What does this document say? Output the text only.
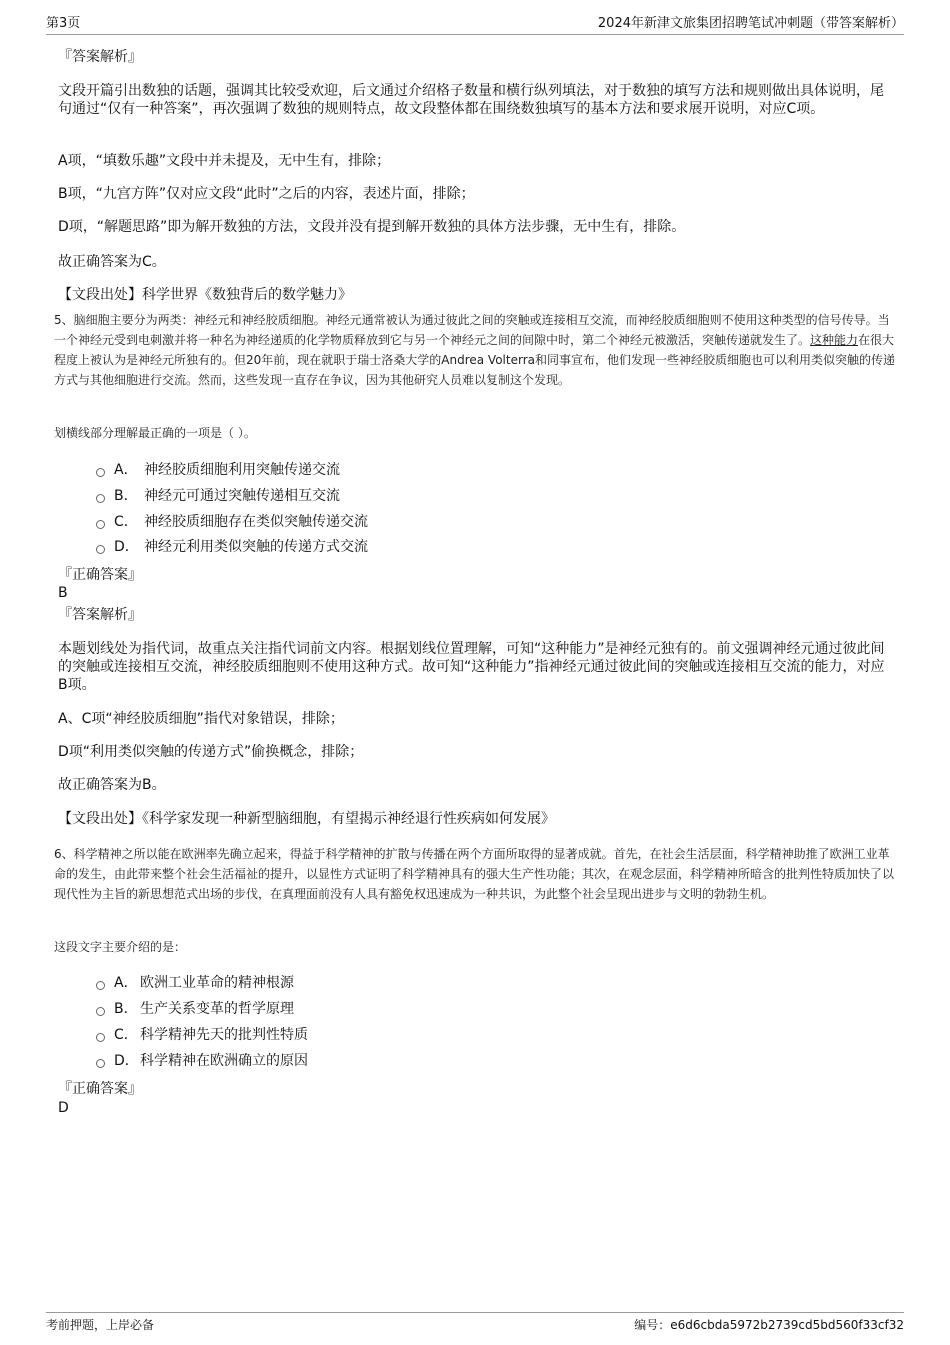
第3页	2024年新津文旅集团招聘笔试冲刺题（带答案解析）
『答案解析』
文段开篇引出数独的话题，强调其比较受欢迎，后文通过介绍格子数量和横行纵列填法，对于数独的填写方法和规则做出具体说明，尾句通过“仅有一种答案”，再次强调了数独的规则特点，故文段整体都在围绕数独填写的基本方法和要求展开说明，对应C项。
A项，“填数乐趣”文段中并未提及，无中生有，排除；
B项，“九宫方阵”仅对应文段“此时”之后的内容，表述片面，排除；
D项，“解题思路”即为解开数独的方法，文段并没有提到解开数独的具体方法步骤，无中生有，排除。
故正确答案为C。
【文段出处】科学世界《数独背后的数学魅力》
5、脑细胞主要分为两类：神经元和神经胶质细胞。神经元通常被认为通过彼此之间的突触或连接相互交流，而神经胶质细胞则不使用这种类型的信号传导。当一个神经元受到电刺激并将一种名为神经递质的化学物质释放到它与另一个神经元之间的间隙中时，第二个神经元被激活，突触传递就发生了。这种能力在很大程度上被认为是神经元所独有的。但20年前，现在就职于瑞士洛桑大学的Andrea Volterra和同事宣布，他们发现一些神经胶质细胞也可以利用类似突触的传递方式与其他细胞进行交流。然而，这些发现一直存在争议，因为其他研究人员难以复制这个发现。
划横线部分理解最正确的一项是（ ）。
A． 神经胶质细胞利用突触传递交流
B． 神经元可通过突触传递相互交流
C． 神经胶质细胞存在类似突触传递交流
D． 神经元利用类似突触的传递方式交流
『正确答案』
B
『答案解析』
本题划线处为指代词，故重点关注指代词前文内容。根据划线位置理解，可知“这种能力”是神经元独有的。前文强调神经元通过彼此间的突触或连接相互交流，神经胶质细胞则不使用这种方式。故可知“这种能力”指神经元通过彼此间的突触或连接相互交流的能力，对应B项。
A、C项“神经胶质细胞”指代对象错误，排除；
D项“利用类似突触的传递方式”偷换概念，排除；
故正确答案为B。
【文段出处】《科学家发现一种新型脑细胞，有望揭示神经退行性疾病如何发展》
6、科学精神之所以能在欧洲率先确立起来，得益于科学精神的扩散与传播在两个方面所取得的显著成就。首先，在社会生活层面，科学精神助推了欧洲工业革命的发生，由此带来整个社会生活福祉的提升，以显性方式证明了科学精神具有的强大生产性功能；其次，在观念层面，科学精神所暗含的批判性特质加快了以现代性为主旨的新思想范式出场的步伐，在真理面前没有人具有豁免权迅速成为一种共识，为此整个社会呈现出进步与文明的勃勃生机。
这段文字主要介绍的是：
A． 欧洲工业革命的精神根源
B． 生产关系变革的哲学原理
C． 科学精神先天的批判性特质
D． 科学精神在欧洲确立的原因
『正确答案』
D
考前押题，上岸必备	编号：e6d6cbda5972b2739cd5bd560f33cf32
